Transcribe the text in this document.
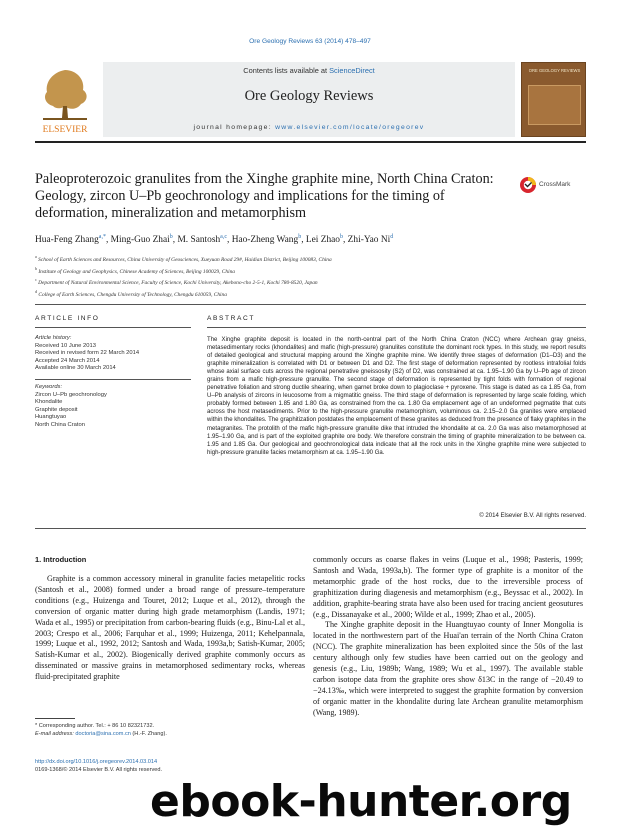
Ore Geology Reviews 63 (2014) 478–497
ELSEVIER
Contents lists available at ScienceDirect
Ore Geology Reviews
journal homepage: www.elsevier.com/locate/oregeorev
ORE GEOLOGY REVIEWS
Paleoproterozoic granulites from the Xinghe graphite mine, North China Craton: Geology, zircon U–Pb geochronology and implications for the timing of deformation, mineralization and metamorphism
CrossMark
Hua-Feng Zhang$^{a,*}$, Ming-Guo Zhai$^b$, M. Santosh$^{a,c}$, Hao-Zheng Wang$^b$, Lei Zhao$^b$, Zhi-Yao Ni$^d$
$^a$ School of Earth Sciences and Resources, China University of Geosciences, Xueyuan Road 29#, Haidian District, Beijing 100083, China
$^b$ Institute of Geology and Geophysics, Chinese Academy of Sciences, Beijing 100029, China
$^c$ Department of Natural Environmental Science, Faculty of Science, Kochi University, Akebono-cho 2-5-1, Kochi 780-8520, Japan
$^d$ College of Earth Sciences, Chengdu University of Technology, Chengdu 610059, China
ARTICLE INFO	ABSTRACT
Article history:
Received 10 June 2013
Received in revised form 22 March 2014
Accepted 24 March 2014
Available online 30 March 2014
Keywords:
Zircon U–Pb geochronology
Khondalite
Graphite deposit
Huangtuyao
North China Craton
The Xinghe graphite deposit is located in the north-central part of the North China Craton (NCC) where Archean gray gneiss, metasedimentary rocks (khondalites) and mafic (high-pressure) granulites constitute the dominant rock types. In this study, we report results of detailed geological and structural mapping around the Xinghe graphite mine. We identify three stages of deformation (D1–D3) and the graphite mineralization is correlated with D1 or between D1 and D2. The first stage of deformation represented by rootless intrafolial folds whose axial surface cuts across the regional penetrative gneissosity (S2) of D2, was constrained at ca. 1.95–1.90 Ga by U–Pb age of zircon grains from a mafic high-pressure granulite. The second stage of deformation is represented by tight folds with formation of regional penetrative foliation and strong ductile shearing, when garnet broke down to plagioclase + pyroxene. This stage is dated as ca 1.85 Ga, from U–Pb analysis of zircons in leucosome from a migmatitic gneiss. The third stage of deformation is represented by large scale folding, which probably formed between 1.85 and 1.80 Ga, as constrained from the ca. 1.80 Ga emplacement age of an undeformed pegmatite that cuts across the host metasediments. Prior to the high-pressure granulite metamorphism, voluminous ca. 2.15–2.0 Ga granites were emplaced within the khondalites. The graphitization postdates the emplacement of these granites as deduced from the presence of flaky graphites in the metagranites. The protolith of the mafic high-pressure granulite dike that intruded the khondalite at ca. 2.0 Ga was also metamorphosed at 1.95–1.90 Ga, and is part of the exploited graphite ore body. We therefore constrain the timing of graphite mineralization to be between ca. 1.95 and 1.85 Ga. Our geological and geochronological data indicate that all the rock units in the Xinghe graphite mine were subjected to high-pressure granulite facies metamorphism at ca. 1.95–1.90 Ga.
© 2014 Elsevier B.V. All rights reserved.
1. Introduction

Graphite is a common accessory mineral in granulite facies metapelitic rocks (Santosh et al., 2008) formed under a broad range of pressure–temperature conditions (e.g., Huizenga and Touret, 2012; Luque et al., 2012), through the conversion of organic matter during high grade metamorphism (Landis, 1971; Wada et al., 1995) or precipitation from carbon-bearing fluids (e.g., Binu-Lal et al., 2003; Crespo et al., 2006; Farquhar et al., 1999; Huizenga, 2011; Kehelpannala, 1999; Luque et al., 1992, 2012; Santosh and Wada, 1993a,b; Satish-Kumar, 2005; Satish-Kumar et al., 2002). Biogenically derived graphite commonly occurs as disseminated or massive grains in metamorphosed sedimentary rocks, whereas fluid-precipitated graphite

commonly occurs as coarse flakes in veins (Luque et al., 1998; Pasteris, 1999; Santosh and Wada, 1993a,b). The former type of graphite is a monitor of the metamorphic grade of the host rocks, due to the irreversible process of graphitization during diagenesis and metamorphism (e.g., Beyssac et al., 2002). In addition, graphite-bearing strata have also been used for tracing ancient geosutures (e.g., Dissanayake et al., 2000; Wilde et al., 1999; Zhao et al., 2005).

The Xinghe graphite deposit in the Huangtuyao county of Inner Mongolia is located in the northwestern part of the Huai'an terrain of the North China Craton (NCC). The graphite mineralization has been exploited since the 50s of the last century although only few studies have been carried out on the geology and genesis (e.g., Liu, 1989b; Wang, 1989; Wu et al., 1997). The available stable carbon isotope data from the graphite ores show δ13C in the range of −20.49 to −24.13‰, which were interpreted to suggest the graphite formation by conversion of organic matter in the khondalite during late Archean granulite metamorphism (Wang, 1989).

* Corresponding author. Tel.: + 86 10 82321732.
E-mail address: doctoria@sina.com.cn (H.-F. Zhang).
http://dx.doi.org/10.1016/j.oregeorev.2014.03.014
0169-1368/© 2014 Elsevier B.V. All rights reserved.
ebook-hunter.org
